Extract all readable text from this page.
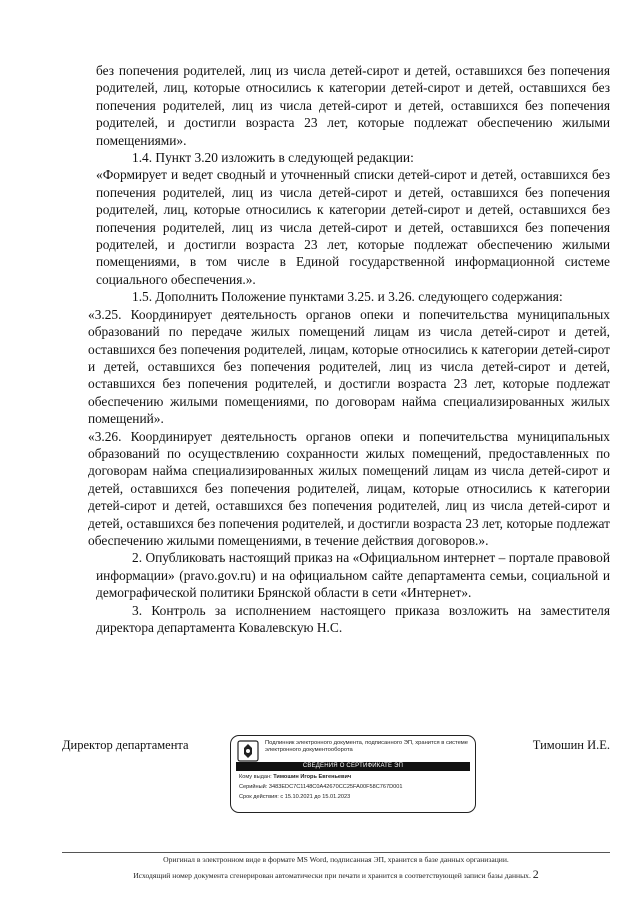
без попечения родителей, лиц из числа детей-сирот и детей, оставшихся без попечения родителей, лиц, которые относились к категории детей-сирот и детей, оставшихся без попечения родителей, лиц из числа детей-сирот и детей, оставшихся без попечения родителей, и достигли возраста 23 лет, которые подлежат обеспечению жилыми помещениями».

1.4. Пункт 3.20 изложить в следующей редакции:

«Формирует и ведет сводный и уточненный списки детей-сирот и детей, оставшихся без попечения родителей, лиц из числа детей-сирот и детей, оставшихся без попечения родителей, лиц, которые относились к категории детей-сирот и детей, оставшихся без попечения родителей, лиц из числа детей-сирот и детей, оставшихся без попечения родителей, и достигли возраста 23 лет, которые подлежат обеспечению жилыми помещениями, в том числе в Единой государственной информационной системе социального обеспечения.».

1.5. Дополнить Положение пунктами 3.25. и 3.26. следующего содержания:

«3.25. Координирует деятельность органов опеки и попечительства муниципальных образований по передаче жилых помещений лицам из числа детей-сирот и детей, оставшихся без попечения родителей, лицам, которые относились к категории детей-сирот и детей, оставшихся без попечения родителей, лиц из числа детей-сирот и детей, оставшихся без попечения родителей, и достигли возраста 23 лет, которые подлежат обеспечению жилыми помещениями, по договорам найма специализированных жилых помещений».

«3.26. Координирует деятельность органов опеки и попечительства муниципальных образований по осуществлению сохранности жилых помещений, предоставленных по договорам найма специализированных жилых помещений лицам из числа детей-сирот и детей, оставшихся без попечения родителей, лицам, которые относились к категории детей-сирот и детей, оставшихся без попечения родителей, лиц из числа детей-сирот и детей, оставшихся без попечения родителей, и достигли возраста 23 лет, которые подлежат обеспечению жилыми помещениями, в течение действия договоров.».

2. Опубликовать настоящий приказ на «Официальном интернет – портале правовой информации» (pravo.gov.ru) и на официальном сайте департамента семьи, социальной и демографической политики Брянской области в сети «Интернет».

3. Контроль за исполнением настоящего приказа возложить на заместителя директора департамента Ковалевскую Н.С.

Директор департамента	Подлинник электронного документа, подписанного ЭП, хранится в системе электронного документооборота
СВЕДЕНИЯ О СЕРТИФИКАТЕ ЭП
Кому выдан: Тимошин Игорь Евгеньевич
Серийный: 3483EDC7C1148C0A42670CC25FA00F58C767D001
Срок действия: с 15.10.2021 до 15.01.2023
Тимошин И.Е.
Оригинал в электронном виде в формате MS Word, подписанная ЭП, хранится в базе данных организации.
Исходящий номер документа сгенерирован автоматически при печати и хранится в соответствующей записи базы данных. 2
